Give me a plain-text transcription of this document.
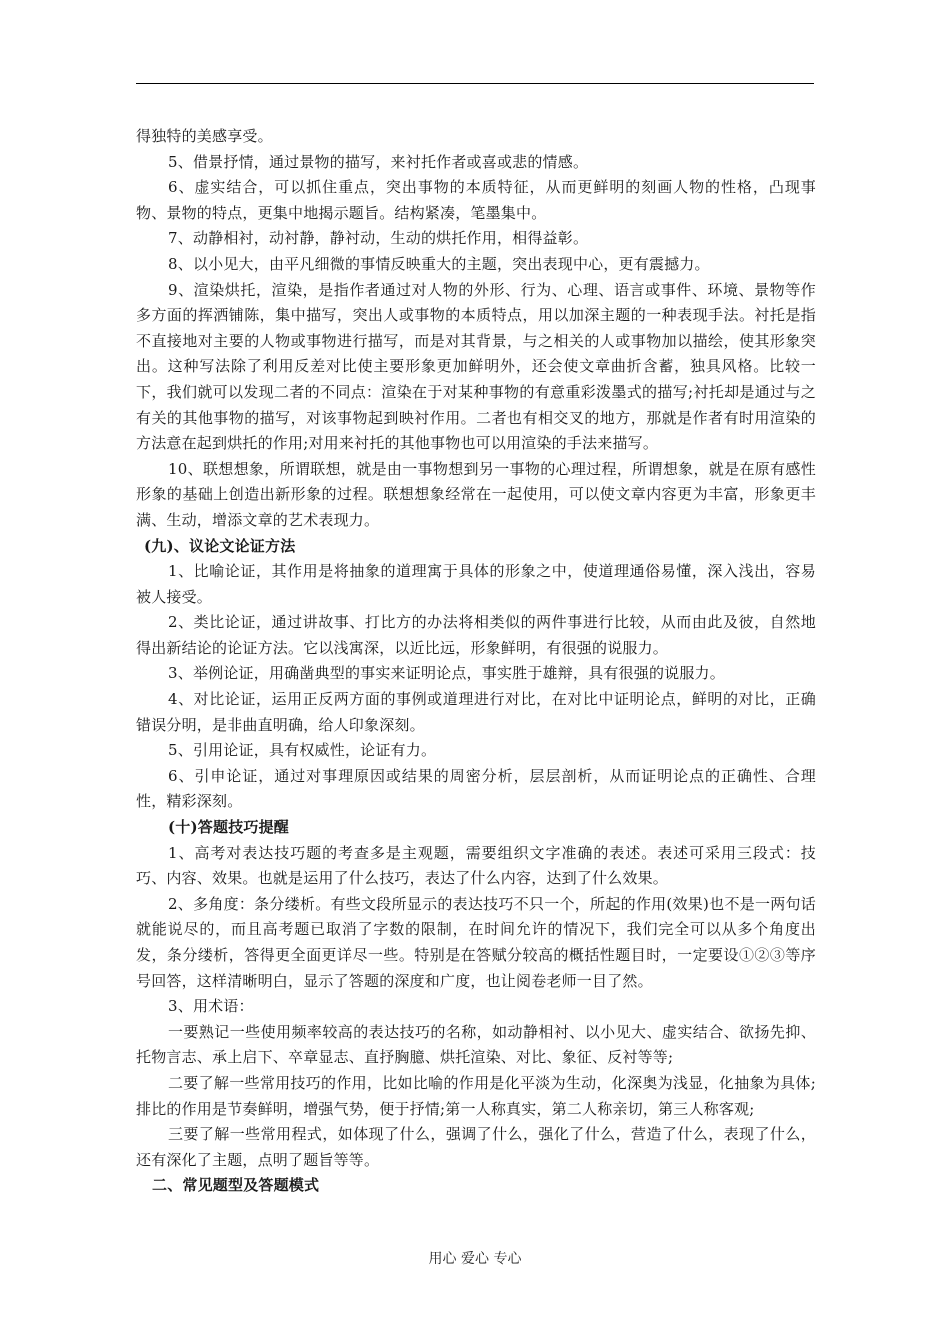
得独特的美感享受。

5、借景抒情，通过景物的描写，来衬托作者或喜或悲的情感。

6、虚实结合，可以抓住重点，突出事物的本质特征，从而更鲜明的刻画人物的性格，凸现事物、景物的特点，更集中地揭示题旨。结构紧凑，笔墨集中。

7、动静相衬，动衬静，静衬动，生动的烘托作用，相得益彰。

8、以小见大，由平凡细微的事情反映重大的主题，突出表现中心，更有震撼力。

9、渲染烘托，渲染，是指作者通过对人物的外形、行为、心理、语言或事件、环境、景物等作多方面的挥洒铺陈，集中描写，突出人或事物的本质特点，用以加深主题的一种表现手法。衬托是指不直接地对主要的人物或事物进行描写，而是对其背景，与之相关的人或事物加以描绘，使其形象突出。这种写法除了利用反差对比使主要形象更加鲜明外，还会使文章曲折含蓄，独具风格。比较一下，我们就可以发现二者的不同点：渲染在于对某种事物的有意重彩泼墨式的描写;衬托却是通过与之有关的其他事物的描写，对该事物起到映衬作用。二者也有相交叉的地方，那就是作者有时用渲染的方法意在起到烘托的作用;对用来衬托的其他事物也可以用渲染的手法来描写。

10、联想想象，所谓联想，就是由一事物想到另一事物的心理过程，所谓想象，就是在原有感性形象的基础上创造出新形象的过程。联想想象经常在一起使用，可以使文章内容更为丰富，形象更丰满、生动，增添文章的艺术表现力。

(九)、议论文论证方法

1、比喻论证，其作用是将抽象的道理寓于具体的形象之中，使道理通俗易懂，深入浅出，容易被人接受。

2、类比论证，通过讲故事、打比方的办法将相类似的两件事进行比较，从而由此及彼，自然地得出新结论的论证方法。它以浅寓深，以近比远，形象鲜明，有很强的说服力。

3、举例论证，用确凿典型的事实来证明论点，事实胜于雄辩，具有很强的说服力。

4、对比论证，运用正反两方面的事例或道理进行对比，在对比中证明论点，鲜明的对比，正确错误分明，是非曲直明确，给人印象深刻。

5、引用论证，具有权威性，论证有力。

6、引申论证，通过对事理原因或结果的周密分析，层层剖析，从而证明论点的正确性、合理性，精彩深刻。

(十)答题技巧提醒

1、高考对表达技巧题的考查多是主观题，需要组织文字准确的表述。表述可采用三段式：技巧、内容、效果。也就是运用了什么技巧，表达了什么内容，达到了什么效果。

2、多角度：条分缕析。有些文段所显示的表达技巧不只一个，所起的作用(效果)也不是一两句话就能说尽的，而且高考题已取消了字数的限制，在时间允许的情况下，我们完全可以从多个角度出发，条分缕析，答得更全面更详尽一些。特别是在答赋分较高的概括性题目时，一定要设①②③等序号回答，这样清晰明白，显示了答题的深度和广度，也让阅卷老师一目了然。

3、用术语：

一要熟记一些使用频率较高的表达技巧的名称，如动静相衬、以小见大、虚实结合、欲扬先抑、托物言志、承上启下、卒章显志、直抒胸臆、烘托渲染、对比、象征、反衬等等;

二要了解一些常用技巧的作用，比如比喻的作用是化平淡为生动，化深奥为浅显，化抽象为具体;排比的作用是节奏鲜明，增强气势，便于抒情;第一人称真实，第二人称亲切，第三人称客观;

三要了解一些常用程式，如体现了什么，强调了什么，强化了什么，营造了什么，表现了什么，还有深化了主题，点明了题旨等等。

二、常见题型及答题模式

用心 爱心 专心
